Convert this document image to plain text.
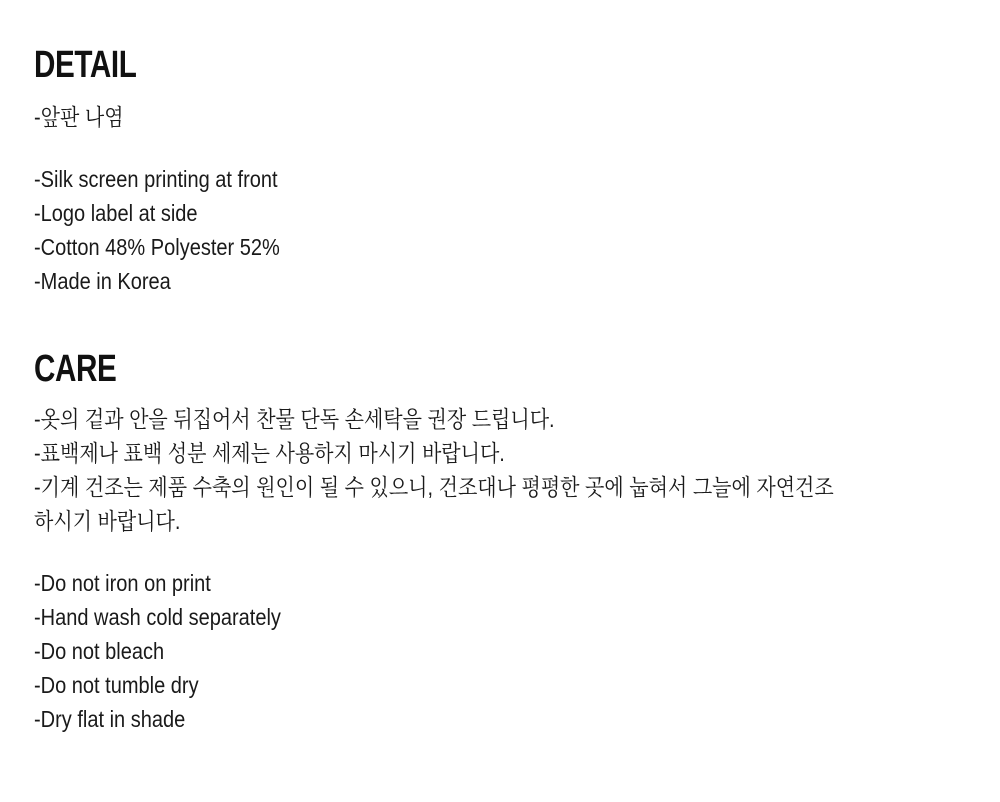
DETAIL

-앞판 나염

-Silk screen printing at front

-Logo label at side

-Cotton 48% Polyester 52%

-Made in Korea

CARE

-옷의 겉과 안을 뒤집어서 찬물 단독 손세탁을 권장 드립니다.

-표백제나 표백 성분 세제는 사용하지 마시기 바랍니다.

-기계 건조는 제품 수축의 원인이 될 수 있으니, 건조대나 평평한 곳에 눕혀서 그늘에 자연건조하시기 바랍니다.

-Do not iron on print

-Hand wash cold separately

-Do not bleach

-Do not tumble dry

-Dry flat in shade
